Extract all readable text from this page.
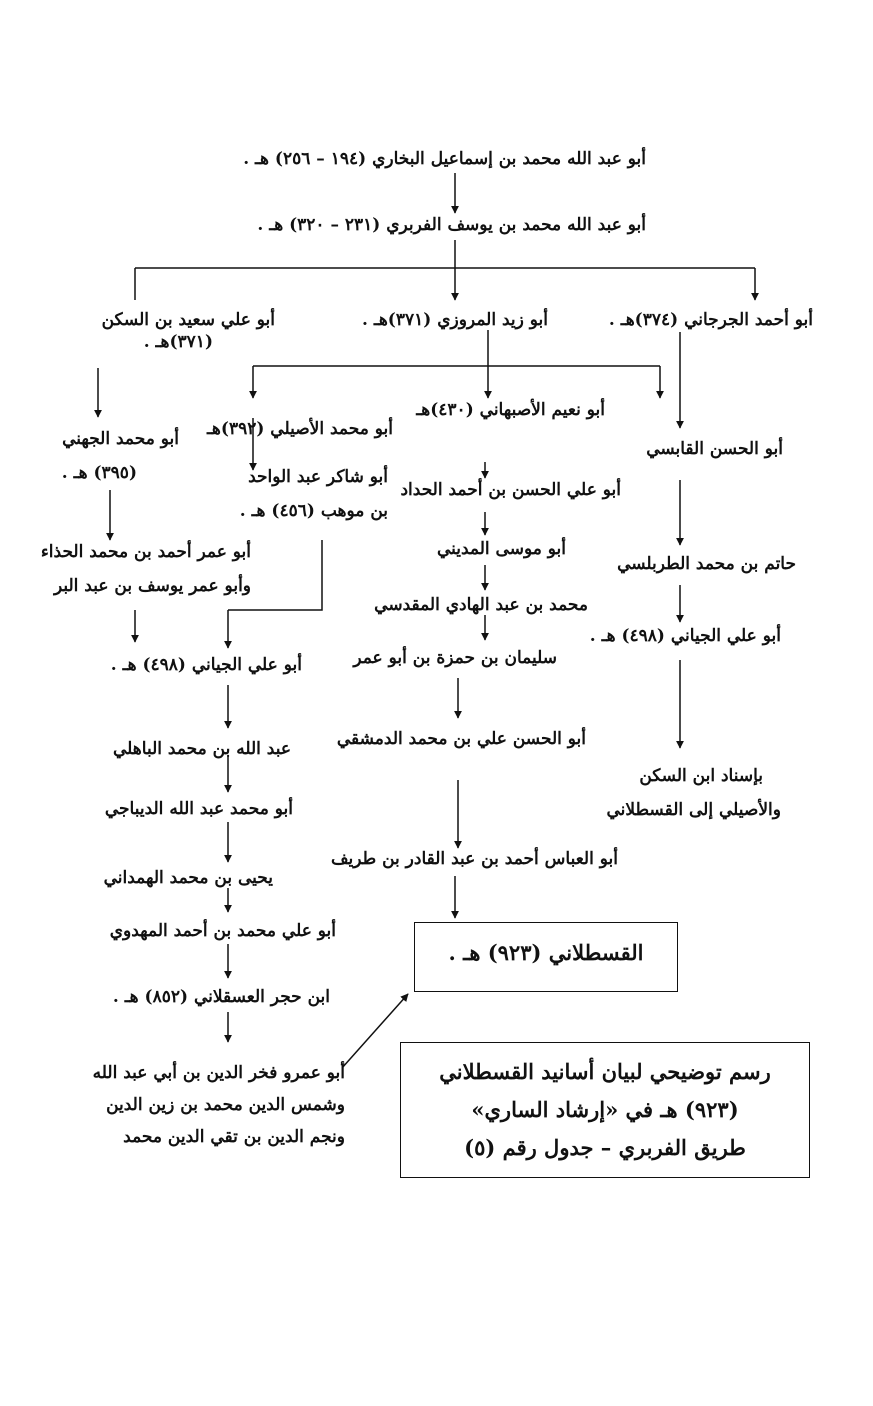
أبو عبد الله محمد بن إسماعيل البخاري (١٩٤ – ٢٥٦) هـ .
أبو عبد الله محمد بن يوسف الفربري (٢٣١ – ٣٢٠) هـ .
أبو أحمد الجرجاني (٣٧٤)هـ .
أبو زيد المروزي (٣٧١)هـ .
أبو علي سعيد بن السكن
(٣٧١)هـ .
أبو نعيم الأصبهاني (٤٣٠)هـ
أبو محمد الأصيلي (٣٩٢)هـ
أبو الحسن القابسي
أبو محمد الجهني
(٣٩٥) هـ .	أبو شاكر عبد الواحد
بن موهب (٤٥٦) هـ .
أبو علي الحسن بن أحمد الحداد
أبو موسى المديني
حاتم بن محمد الطربلسي
أبو عمر أحمد بن محمد الحذاء
وأبو عمر يوسف بن عبد البر
محمد بن عبد الهادي المقدسي
أبو علي الجياني (٤٩٨) هـ .
سليمان بن حمزة بن أبو عمر
أبو علي الجياني (٤٩٨) هـ .
أبو الحسن علي بن محمد الدمشقي
عبد الله بن محمد الباهلي
بإسناد ابن السكن
والأصيلي إلى القسطلاني
أبو محمد عبد الله الديباجي
أبو العباس أحمد بن عبد القادر بن طريف
يحيى بن محمد الهمداني
أبو علي محمد بن أحمد المهدوي
القسطلاني (٩٢٣) هـ .
ابن حجر العسقلاني (٨٥٢) هـ .
أبو عمرو فخر الدين بن أبي عبد الله
وشمس الدين محمد بن زين الدين
ونجم الدين بن تقي الدين محمد
رسم توضيحي لبيان أسانيد القسطلاني
(٩٢٣) هـ في «إرشاد الساري»
طريق الفربري – جدول رقم (٥)
